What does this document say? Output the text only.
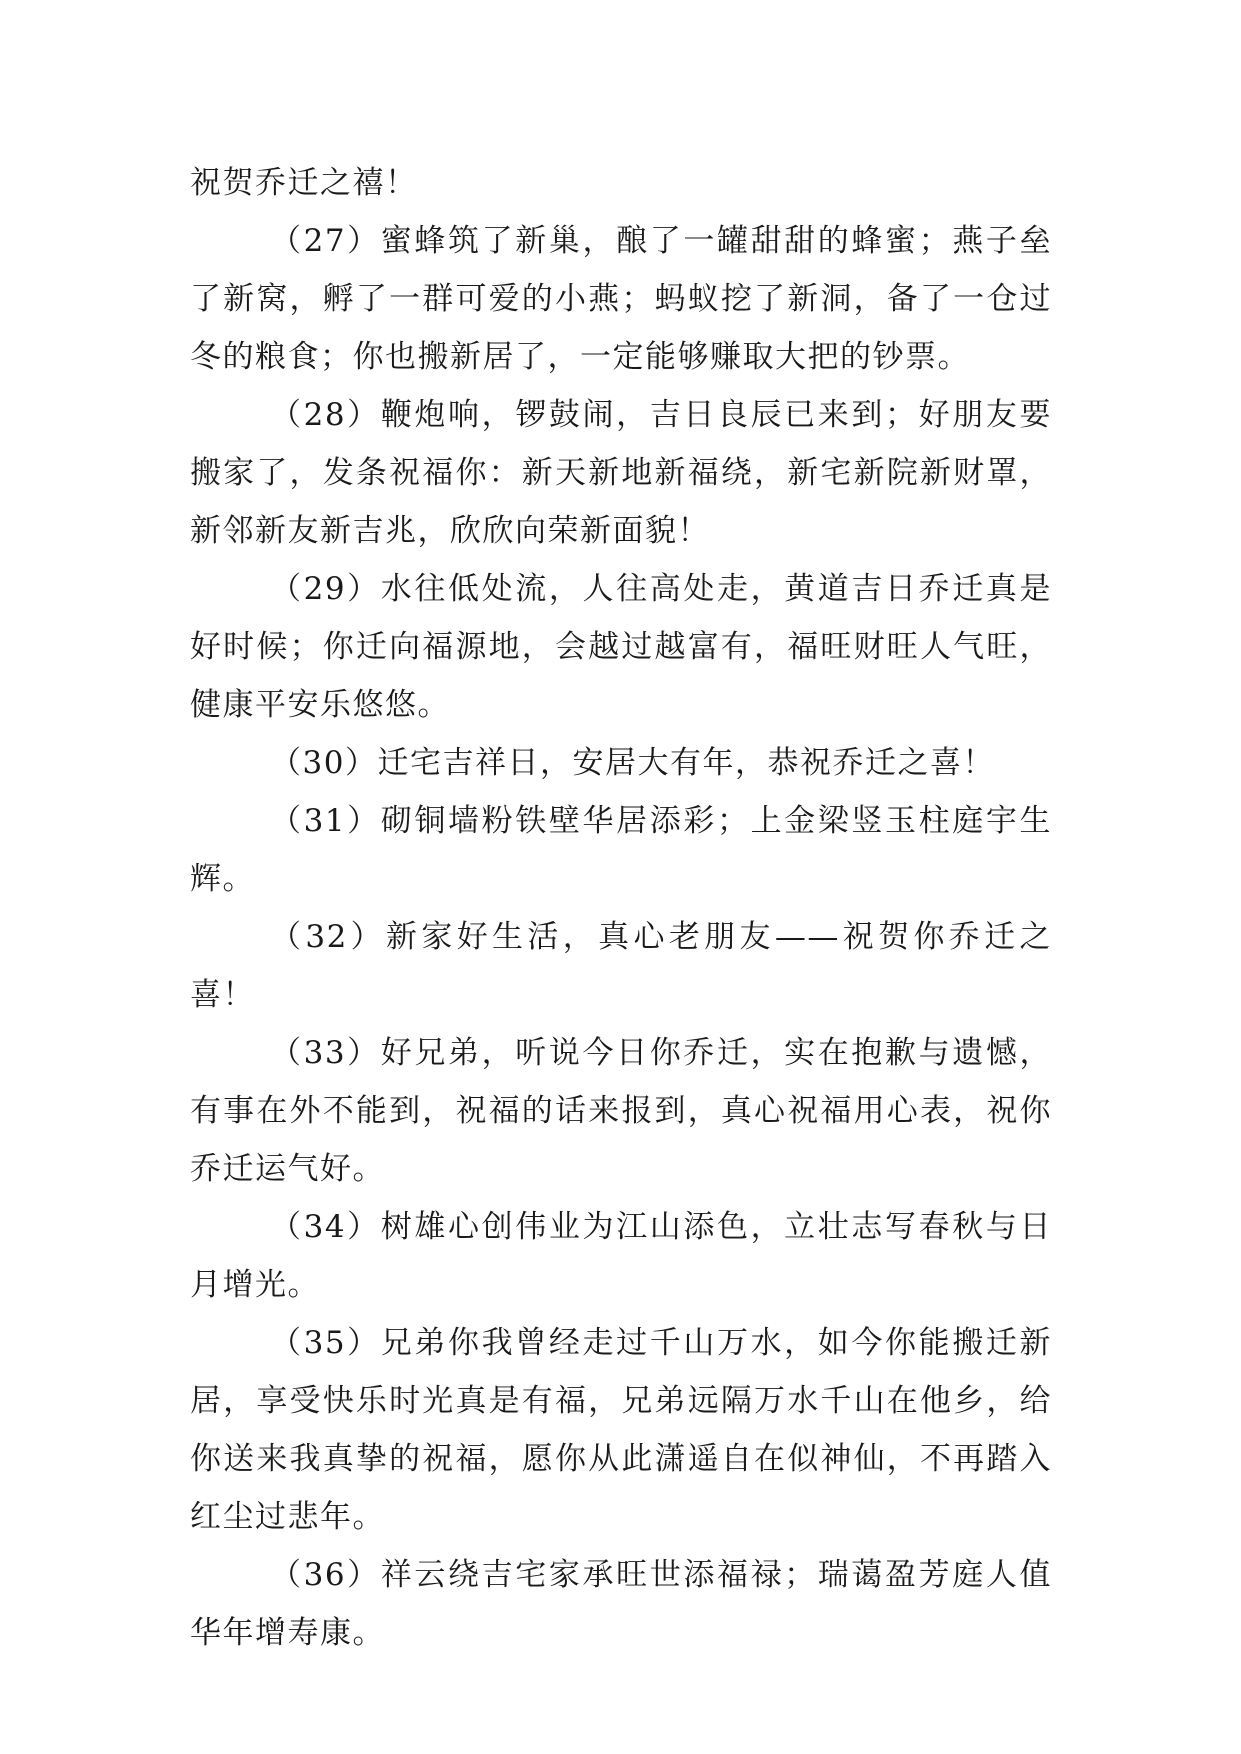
祝贺乔迁之禧！

（27）蜜蜂筑了新巢，酿了一罐甜甜的蜂蜜；燕子垒了新窝，孵了一群可爱的小燕；蚂蚁挖了新洞，备了一仓过冬的粮食；你也搬新居了，一定能够赚取大把的钞票。

（28）鞭炮响，锣鼓闹，吉日良辰已来到；好朋友要搬家了，发条祝福你：新天新地新福绕，新宅新院新财罩，新邻新友新吉兆，欣欣向荣新面貌！

（29）水往低处流，人往高处走，黄道吉日乔迁真是好时候；你迁向福源地，会越过越富有，福旺财旺人气旺，健康平安乐悠悠。

（30）迁宅吉祥日，安居大有年，恭祝乔迁之喜！

（31）砌铜墙粉铁壁华居添彩；上金梁竖玉柱庭宇生辉。

（32）新家好生活，真心老朋友——祝贺你乔迁之喜！

（33）好兄弟，听说今日你乔迁，实在抱歉与遗憾，有事在外不能到，祝福的话来报到，真心祝福用心表，祝你乔迁运气好。

（34）树雄心创伟业为江山添色，立壮志写春秋与日月增光。

（35）兄弟你我曾经走过千山万水，如今你能搬迁新居，享受快乐时光真是有福，兄弟远隔万水千山在他乡，给你送来我真挚的祝福，愿你从此潇遥自在似神仙，不再踏入红尘过悲年。

（36）祥云绕吉宅家承旺世添福禄；瑞蔼盈芳庭人值华年增寿康。
